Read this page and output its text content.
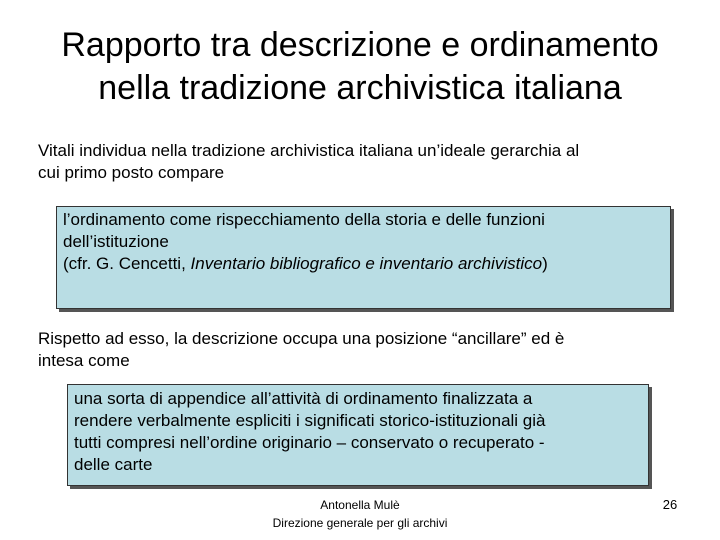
Rapporto tra descrizione e ordinamento
nella tradizione archivistica italiana

Vitali individua nella tradizione archivistica italiana un’ideale gerarchia al
cui primo posto compare

l’ordinamento come rispecchiamento della storia e delle funzioni
dell’istituzione
(cfr. G. Cencetti, Inventario bibliografico e inventario archivistico)

Rispetto ad esso, la descrizione occupa una posizione “ancillare” ed è
intesa come

una sorta di appendice all’attività di ordinamento finalizzata a
rendere verbalmente espliciti i significati storico-istituzionali già
tutti compresi nell’ordine originario – conservato o recuperato -
delle carte
Antonella Mulè
Direzione generale per gli archivi
26
